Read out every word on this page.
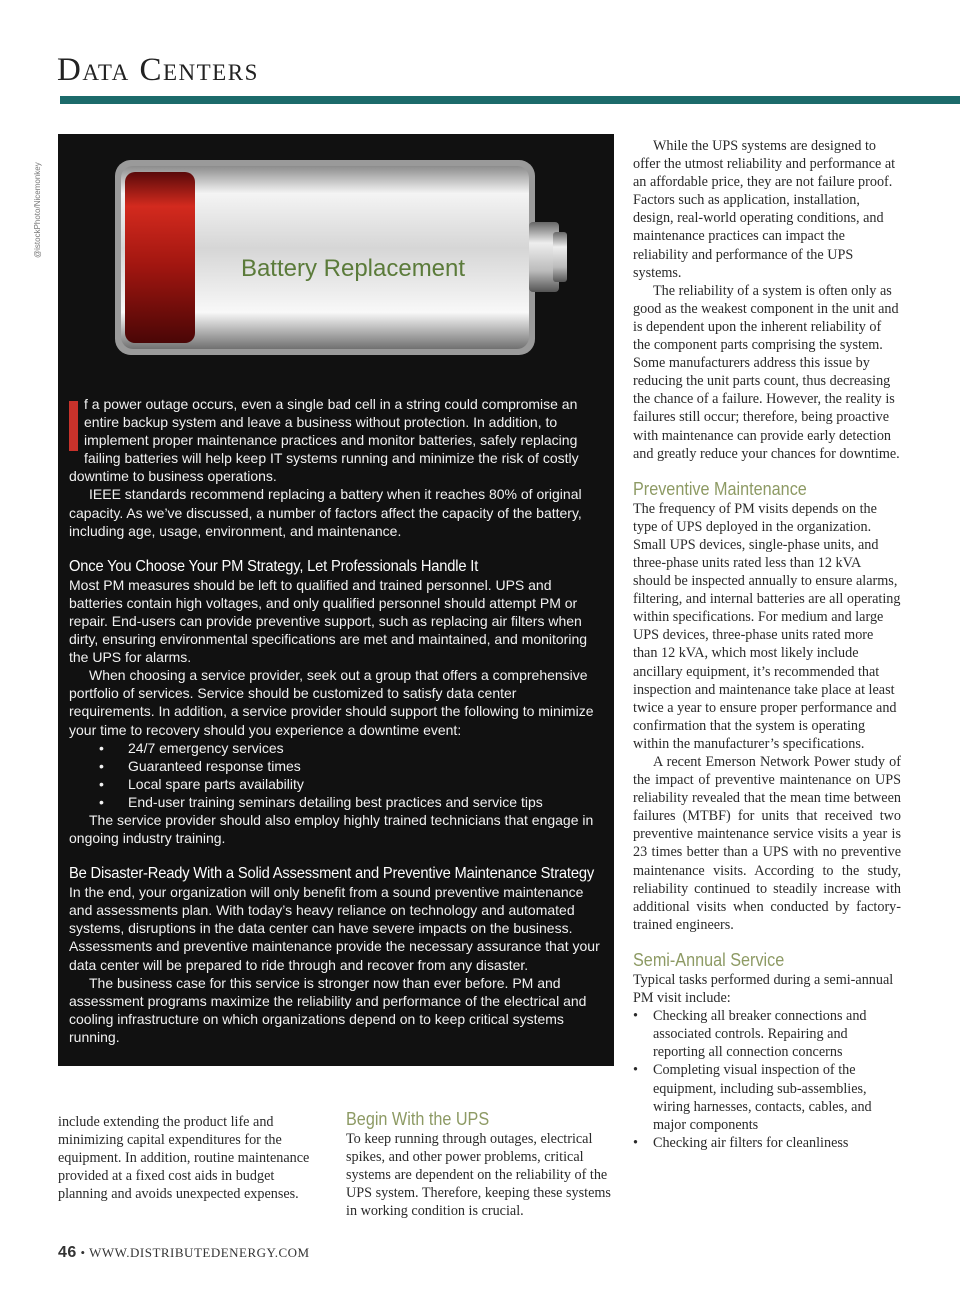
Data Centers
@istockPhoto/Nicemonkey
Battery Replacement

f a power outage occurs, even a single bad cell in a string could compromise an entire backup system and leave a business without protection. In addition, to implement proper maintenance practices and monitor batteries, safely replacing failing batteries will help keep IT systems running and minimize the risk of costly downtime to business operations.

IEEE standards recommend replacing a battery when it reaches 80% of original capacity. As we’ve discussed, a number of factors affect the capacity of the battery, including age, usage, environment, and maintenance.

Once You Choose Your PM Strategy, Let Professionals Handle It

Most PM measures should be left to qualified and trained personnel. UPS and batteries contain high voltages, and only qualified personnel should attempt PM or repair. End-users can provide preventive support, such as replacing air filters when dirty, ensuring environmental specifications are met and maintained, and monitoring the UPS for alarms.

When choosing a service provider, seek out a group that offers a comprehensive portfolio of services. Service should be customized to satisfy data center requirements. In addition, a service provider should support the following to minimize your time to recovery should you experience a downtime event:

• 24/7 emergency services
• Guaranteed response times
• Local spare parts availability
• End-user training seminars detailing best practices and service tips

The service provider should also employ highly trained technicians that engage in ongoing industry training.

Be Disaster-Ready With a Solid Assessment and Preventive Maintenance Strategy

In the end, your organization will only benefit from a sound preventive maintenance and assessments plan. With today’s heavy reliance on technology and automated systems, disruptions in the data center can have severe impacts on the business. Assessments and preventive maintenance provide the necessary assurance that your data center will be prepared to ride through and recover from any disaster.

The business case for this service is stronger now than ever before. PM and assessment programs maximize the reliability and performance of the electrical and cooling infrastructure on which organizations depend on to keep critical systems running.

While the UPS systems are designed to offer the utmost reliability and performance at an affordable price, they are not failure proof. Factors such as application, installation, design, real-world operating conditions, and maintenance practices can impact the reliability and performance of the UPS systems.

The reliability of a system is often only as good as the weakest component in the unit and is dependent upon the inherent reliability of the component parts comprising the system. Some manufacturers address this issue by reducing the unit parts count, thus decreasing the chance of a failure. However, the reality is failures still occur; therefore, being proactive with maintenance can provide early detection and greatly reduce your chances for downtime.

Preventive Maintenance

The frequency of PM visits depends on the type of UPS deployed in the organization. Small UPS devices, single-phase units, and three-phase units rated less than 12 kVA should be inspected annually to ensure alarms, filtering, and internal batteries are all operating within specifications. For medium and large UPS devices, three-phase units rated more than 12 kVA, which most likely include ancillary equipment, it’s recommended that inspection and maintenance take place at least twice a year to ensure proper performance and confirmation that the system is operating within the manufacturer’s specifications.

A recent Emerson Network Power study of the impact of preventive maintenance on UPS reliability revealed that the mean time between failures (MTBF) for units that received two preventive maintenance service visits a year is 23 times better than a UPS with no preventive maintenance visits. According to the study, reliability continued to steadily increase with additional visits when conducted by factory-trained engineers.

Semi-Annual Service

Typical tasks performed during a semi-annual PM visit include:

• Checking all breaker connections and associated controls. Repairing and reporting all connection concerns
• Completing visual inspection of the equipment, including sub-assemblies, wiring harnesses, contacts, cables, and major components
• Checking air filters for cleanliness

include extending the product life and minimizing capital expenditures for the equipment. In addition, routine maintenance provided at a fixed cost aids in budget planning and avoids unexpected expenses.

Begin With the UPS

To keep running through outages, electrical spikes, and other power problems, critical systems are dependent on the reliability of the UPS system. Therefore, keeping these systems in working condition is crucial.

46 • WWW.DISTRIBUTEDENERGY.COM
